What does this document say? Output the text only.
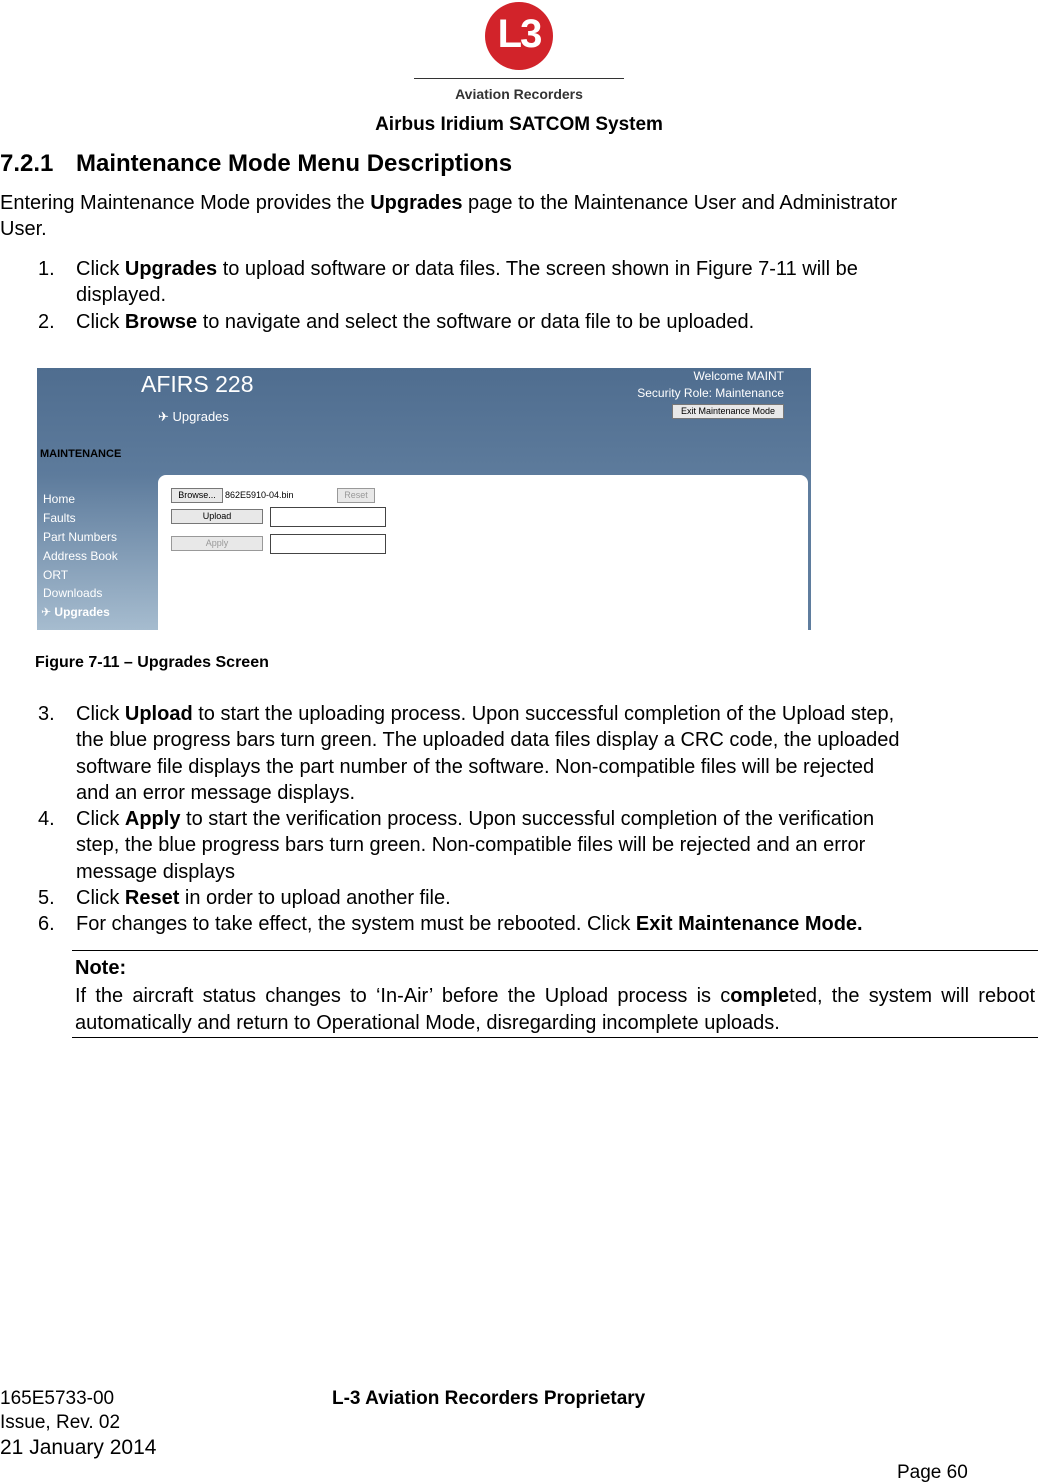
L3
Aviation Recorders
Airbus Iridium SATCOM System
7.2.1 Maintenance Mode Menu Descriptions
Entering Maintenance Mode provides the Upgrades page to the Maintenance User and Administrator
User.
1. Click Upgrades to upload software or data files. The screen shown in Figure 7-11 will be
displayed.
2. Click Browse to navigate and select the software or data file to be uploaded.
AFIRS 228
✈ Upgrades
Welcome MAINT
Security Role: Maintenance
Exit Maintenance Mode
MAINTENANCE
Home
Faults
Part Numbers
Address Book
ORT
Downloads
✈ Upgrades
Browse...	862E5910-04.bin	Reset
Upload
Apply
Figure 7-11 – Upgrades Screen
3. Click Upload to start the uploading process. Upon successful completion of the Upload step,
the blue progress bars turn green. The uploaded data files display a CRC code, the uploaded
software file displays the part number of the software. Non-compatible files will be rejected
and an error message displays.
4. Click Apply to start the verification process. Upon successful completion of the verification
step, the blue progress bars turn green. Non-compatible files will be rejected and an error
message displays
5. Click Reset in order to upload another file.
6. For changes to take effect, the system must be rebooted. Click Exit Maintenance Mode.
Note:
If the aircraft status changes to ‘In-Air’ before the Upload process is completed, the system will reboot automatically and return to Operational Mode, disregarding incomplete uploads.
165E5733-00
Issue, Rev. 02
21 January 2014
L-3 Aviation Recorders Proprietary
Page 60
